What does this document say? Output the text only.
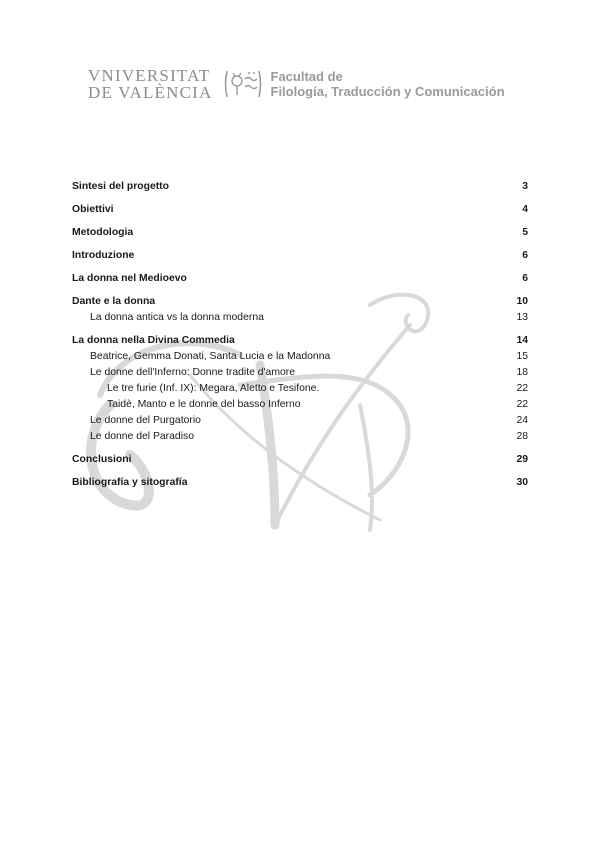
VNIVERSITAT
DE VALÈNCIA
Facultad de
Filología, Traducción y Comunicación
Sintesi del progetto	3
Obiettivi	4
Metodologia	5
Introduzione	6
La donna nel Medioevo	6
Dante e la donna	10
La donna antica vs la donna moderna	13
La donna nella Divina Commedia	14
Beatrice, Gemma Donati, Santa Lucia e la Madonna	15
Le donne dell'Inferno: Donne tradite d'amore	18
Le tre furie (Inf. IX): Megara, Aletto e Tesifone.	22
Taidè, Manto e le donne del basso Inferno	22
Le donne del Purgatorio	24
Le donne del Paradiso	28
Conclusioni	29
Bibliografía y sitografía	30
